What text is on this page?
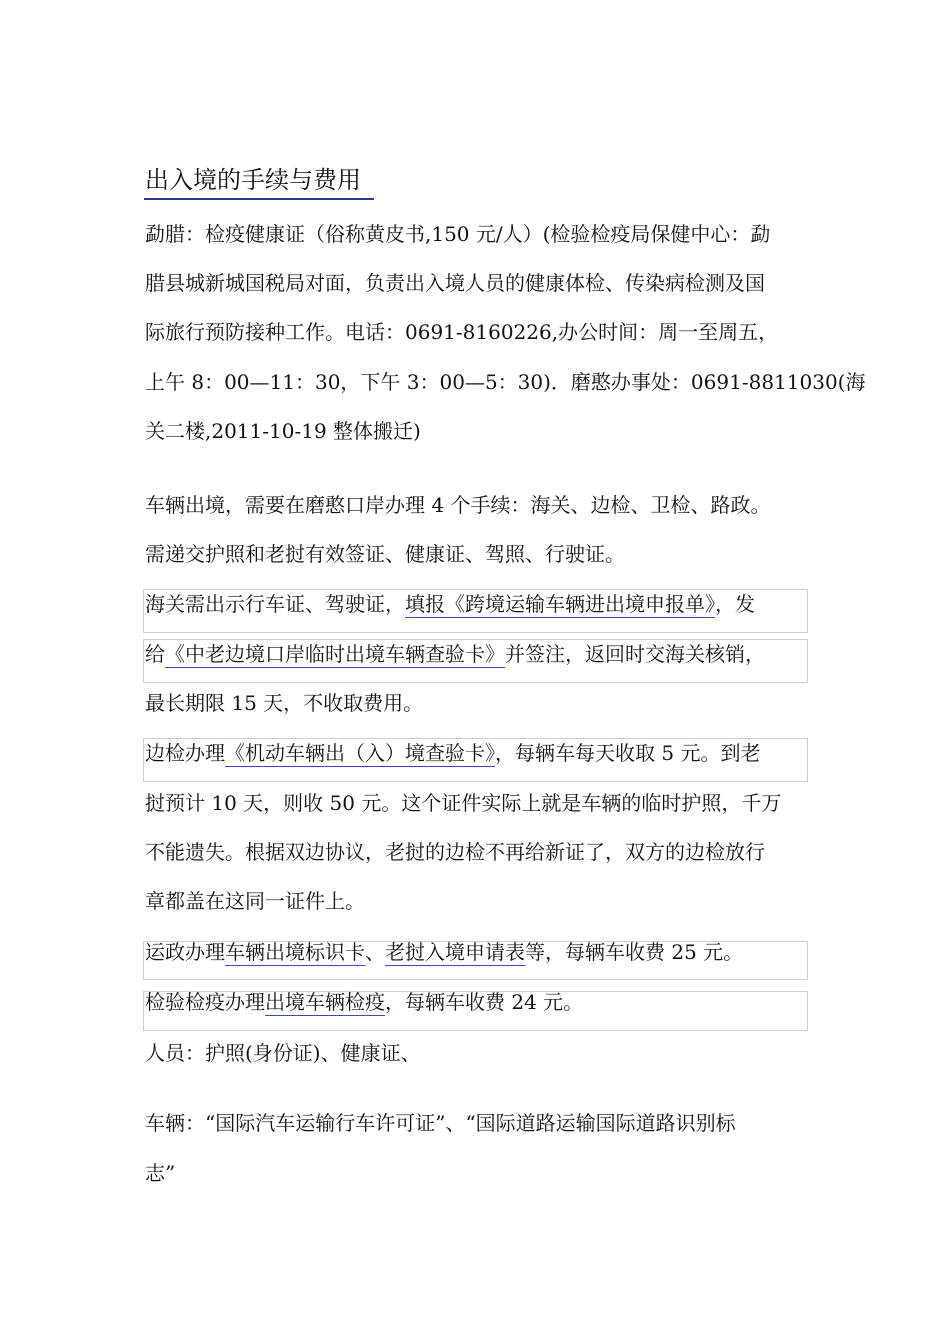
出入境的手续与费用
勐腊：检疫健康证（俗称黄皮书,150 元/人）(检验检疫局保健中心：勐
腊县城新城国税局对面，负责出入境人员的健康体检、传染病检测及国
际旅行预防接种工作。电话：0691-8160226,办公时间：周一至周五，
上午 8：00—11：30，下午 3：00—5：30)．磨憨办事处：0691-8811030(海
关二楼,2011-10-19 整体搬迁)
车辆出境，需要在磨憨口岸办理 4 个手续：海关、边检、卫检、路政。
需递交护照和老挝有效签证、健康证、驾照、行驶证。
海关需出示行车证、驾驶证，填报《跨境运输车辆进出境申报单》，发
给《中老边境口岸临时出境车辆查验卡》并签注，返回时交海关核销，
最长期限 15 天，不收取费用。
边检办理《机动车辆出（入）境查验卡》，每辆车每天收取 5 元。到老
挝预计 10 天，则收 50 元。这个证件实际上就是车辆的临时护照，千万
不能遗失。根据双边协议，老挝的边检不再给新证了，双方的边检放行
章都盖在这同一证件上。
运政办理车辆出境标识卡、老挝入境申请表等，每辆车收费 25 元。
检验检疫办理出境车辆检疫，每辆车收费 24 元。
人员：护照(身份证)、健康证、
车辆：“国际汽车运输行车许可证”、“国际道路运输国际道路识别标
志”
